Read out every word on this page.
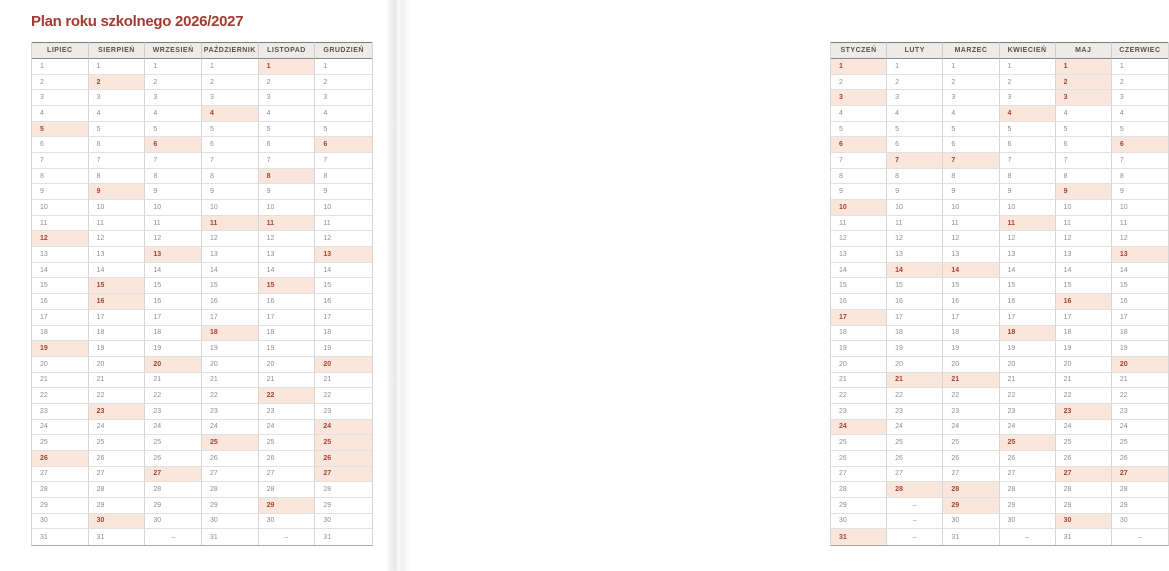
Plan roku szkolnego 2026/2027
LIPIEC	SIERPIEŃ	WRZESIEŃ	PAŹDZIERNIK	LISTOPAD	GRUDZIEŃ
1	1	1	1	1	1
2	2	2	2	2	2
3	3	3	3	3	3
4	4	4	4	4	4
5	5	5	5	5	5
6	6	6	6	6	6
7	7	7	7	7	7
8	8	8	8	8	8
9	9	9	9	9	9
10	10	10	10	10	10
11	11	11	11	11	11
12	12	12	12	12	12
13	13	13	13	13	13
14	14	14	14	14	14
15	15	15	15	15	15
16	16	16	16	16	16
17	17	17	17	17	17
18	18	18	18	18	18
19	19	19	19	19	19
20	20	20	20	20	20
21	21	21	21	21	21
22	22	22	22	22	22
23	23	23	23	23	23
24	24	24	24	24	24
25	25	25	25	25	25
26	26	26	26	26	26
27	27	27	27	27	27
28	28	28	28	28	28
29	29	29	29	29	29
30	30	30	30	30	30
31	31	–	31	–	31
STYCZEŃ	LUTY	MARZEC	KWIECIEŃ	MAJ	CZERWIEC
1	1	1	1	1	1
2	2	2	2	2	2
3	3	3	3	3	3
4	4	4	4	4	4
5	5	5	5	5	5
6	6	6	6	6	6
7	7	7	7	7	7
8	8	8	8	8	8
9	9	9	9	9	9
10	10	10	10	10	10
11	11	11	11	11	11
12	12	12	12	12	12
13	13	13	13	13	13
14	14	14	14	14	14
15	15	15	15	15	15
16	16	16	16	16	16
17	17	17	17	17	17
18	18	18	18	18	18
19	19	19	19	19	19
20	20	20	20	20	20
21	21	21	21	21	21
22	22	22	22	22	22
23	23	23	23	23	23
24	24	24	24	24	24
25	25	25	25	25	25
26	26	26	26	26	26
27	27	27	27	27	27
28	28	28	28	28	28
29	–	29	29	29	29
30	–	30	30	30	30
31	–	31	–	31	–
